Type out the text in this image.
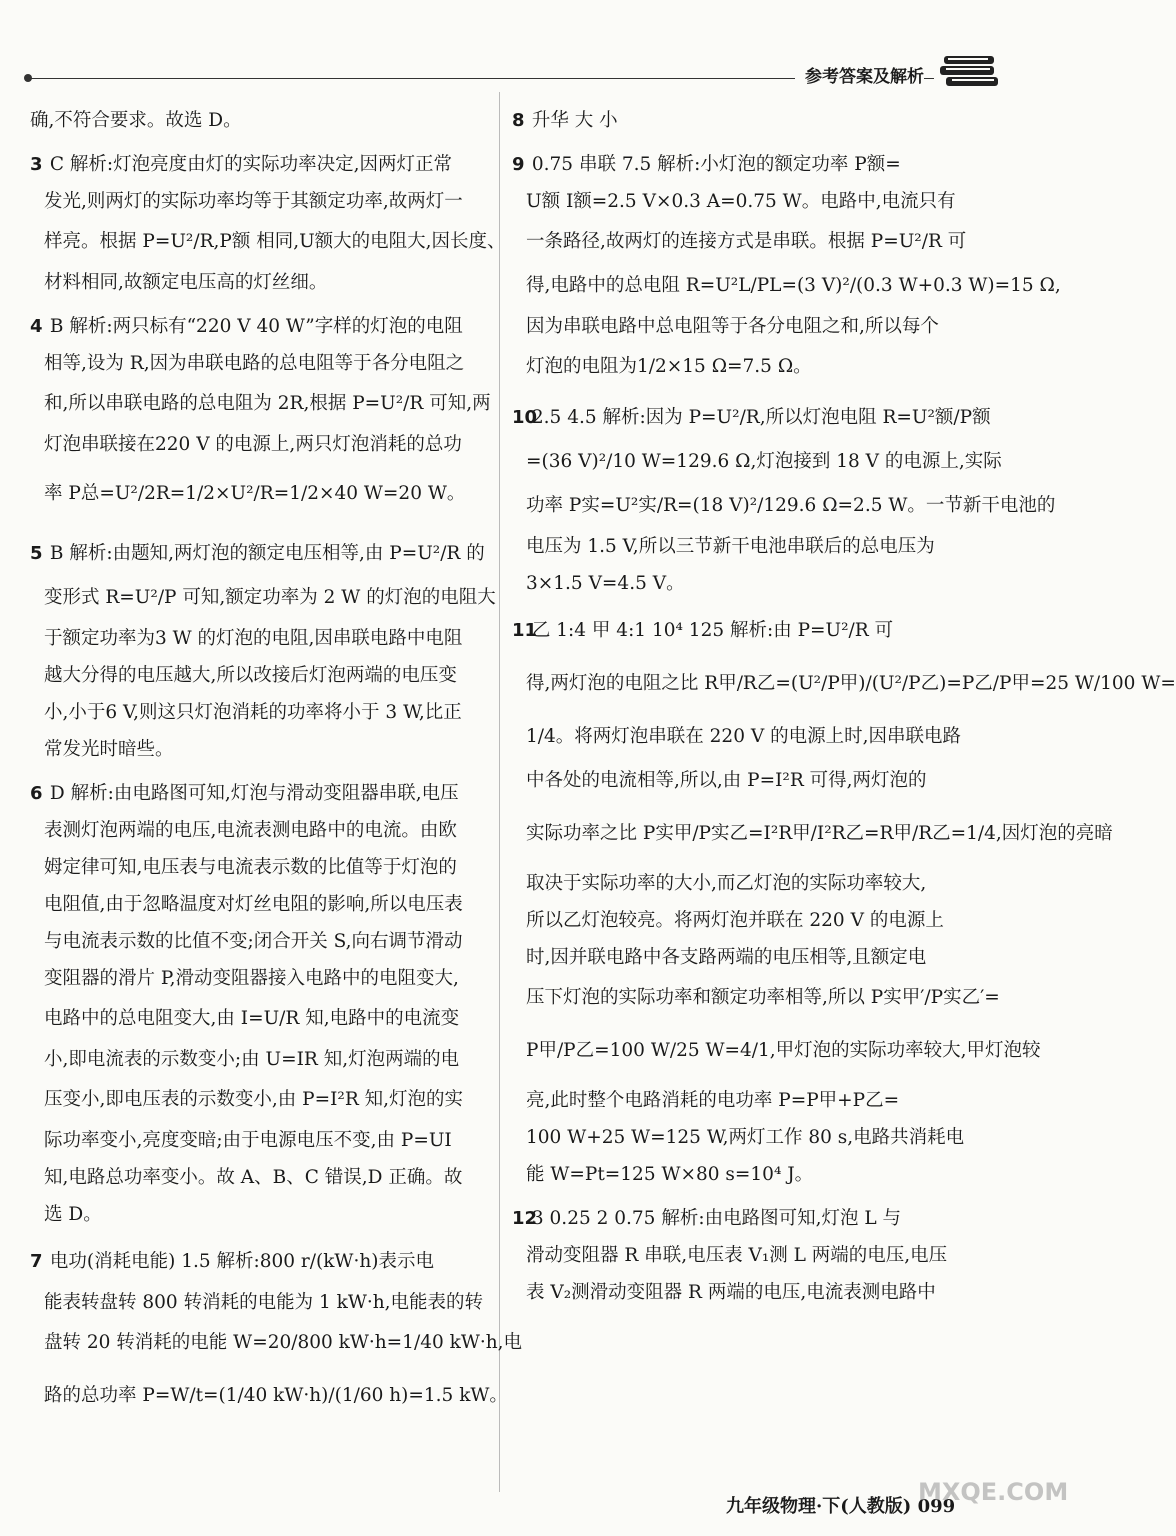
参考答案及解析
确,不符合要求。故选 D。
3 C 解析:灯泡亮度由灯的实际功率决定,因两灯正常
发光,则两灯的实际功率均等于其额定功率,故两灯一
样亮。根据 P=U²/R,P额 相同,U额大的电阻大,因长度、
材料相同,故额定电压高的灯丝细。
4 B 解析:两只标有“220 V 40 W”字样的灯泡的电阻
相等,设为 R,因为串联电路的总电阻等于各分电阻之
和,所以串联电路的总电阻为 2R,根据 P=U²/R 可知,两
灯泡串联接在220 V 的电源上,两只灯泡消耗的总功
率 P总=U²/2R=1/2×U²/R=1/2×40 W=20 W。
5 B 解析:由题知,两灯泡的额定电压相等,由 P=U²/R 的
变形式 R=U²/P 可知,额定功率为 2 W 的灯泡的电阻大
于额定功率为3 W 的灯泡的电阻,因串联电路中电阻
越大分得的电压越大,所以改接后灯泡两端的电压变
小,小于6 V,则这只灯泡消耗的功率将小于 3 W,比正
常发光时暗些。
6 D 解析:由电路图可知,灯泡与滑动变阻器串联,电压
表测灯泡两端的电压,电流表测电路中的电流。由欧
姆定律可知,电压表与电流表示数的比值等于灯泡的
电阻值,由于忽略温度对灯丝电阻的影响,所以电压表
与电流表示数的比值不变;闭合开关 S,向右调节滑动
变阻器的滑片 P,滑动变阻器接入电路中的电阻变大,
电路中的总电阻变大,由 I=U/R 知,电路中的电流变
小,即电流表的示数变小;由 U=IR 知,灯泡两端的电
压变小,即电压表的示数变小,由 P=I²R 知,灯泡的实
际功率变小,亮度变暗;由于电源电压不变,由 P=UI
知,电路总功率变小。故 A、B、C 错误,D 正确。故
选 D。
7 电功(消耗电能) 1.5 解析:800 r/(kW·h)表示电
能表转盘转 800 转消耗的电能为 1 kW·h,电能表的转
盘转 20 转消耗的电能 W=20/800 kW·h=1/40 kW·h,电
路的总功率 P=W/t=(1/40 kW·h)/(1/60 h)=1.5 kW。
8 升华 大 小
9 0.75 串联 7.5 解析:小灯泡的额定功率 P额=
U额 I额=2.5 V×0.3 A=0.75 W。电路中,电流只有
一条路径,故两灯的连接方式是串联。根据 P=U²/R 可
得,电路中的总电阻 R=U²L/PL=(3 V)²/(0.3 W+0.3 W)=15 Ω,
因为串联电路中总电阻等于各分电阻之和,所以每个
灯泡的电阻为1/2×15 Ω=7.5 Ω。
10 2.5 4.5 解析:因为 P=U²/R,所以灯泡电阻 R=U²额/P额
=(36 V)²/10 W=129.6 Ω,灯泡接到 18 V 的电源上,实际
功率 P实=U²实/R=(18 V)²/129.6 Ω=2.5 W。一节新干电池的
电压为 1.5 V,所以三节新干电池串联后的总电压为
3×1.5 V=4.5 V。
11 乙 1:4 甲 4:1 10⁴ 125 解析:由 P=U²/R 可
得,两灯泡的电阻之比 R甲/R乙=(U²/P甲)/(U²/P乙)=P乙/P甲=25 W/100 W=
1/4。将两灯泡串联在 220 V 的电源上时,因串联电路
中各处的电流相等,所以,由 P=I²R 可得,两灯泡的
实际功率之比 P实甲/P实乙=I²R甲/I²R乙=R甲/R乙=1/4,因灯泡的亮暗
取决于实际功率的大小,而乙灯泡的实际功率较大,
所以乙灯泡较亮。将两灯泡并联在 220 V 的电源上
时,因并联电路中各支路两端的电压相等,且额定电
压下灯泡的实际功率和额定功率相等,所以 P实甲′/P实乙′=
P甲/P乙=100 W/25 W=4/1,甲灯泡的实际功率较大,甲灯泡较
亮,此时整个电路消耗的电功率 P=P甲+P乙=
100 W+25 W=125 W,两灯工作 80 s,电路共消耗电
能 W=Pt=125 W×80 s=10⁴ J。
12 3 0.25 2 0.75 解析:由电路图可知,灯泡 L 与
滑动变阻器 R 串联,电压表 V₁测 L 两端的电压,电压
表 V₂测滑动变阻器 R 两端的电压,电流表测电路中
九年级物理·下(人教版) 099
MXQE.COM
